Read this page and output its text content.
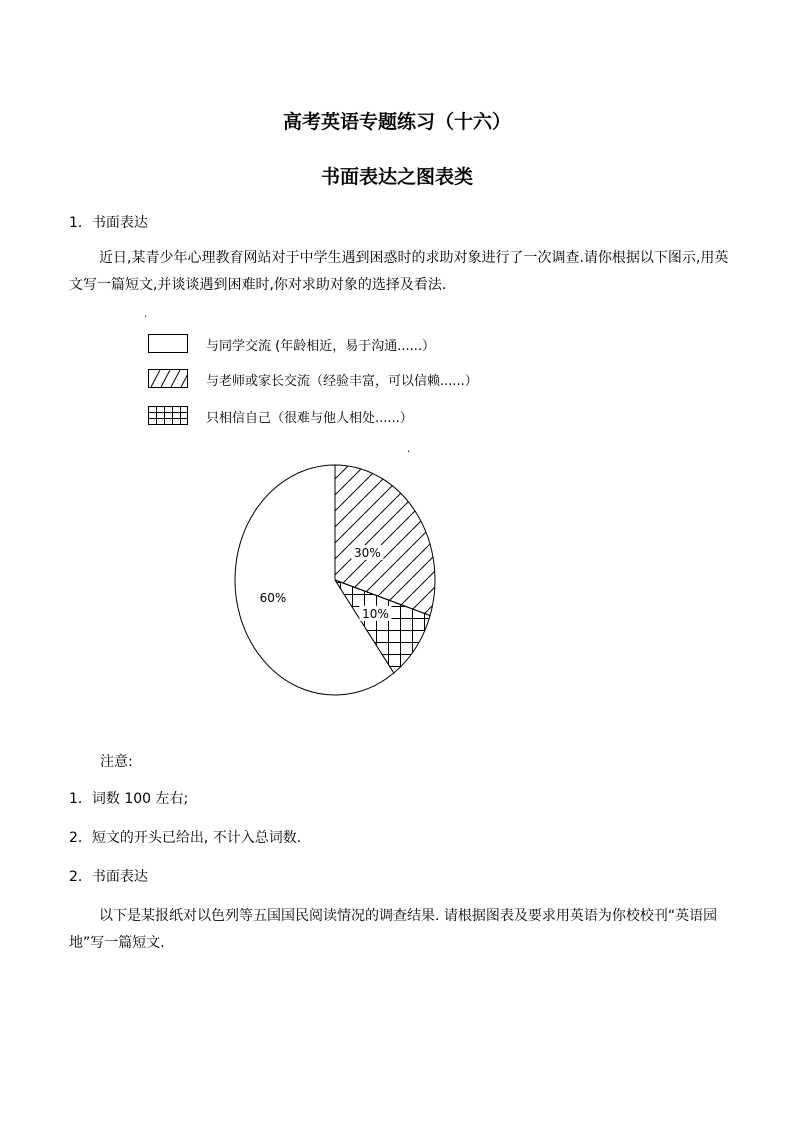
高考英语专题练习（十六）
书面表达之图表类
1．书面表达
近日,某青少年心理教育网站对于中学生遇到困惑时的求助对象进行了一次调查.请你根据以下图示,用英文写一篇短文,并谈谈遇到困难时,你对求助对象的选择及看法.
.
与同学交流 (年龄相近，易于沟通......）
与老师或家长交流（经验丰富，可以信赖......）
只相信自己（很难与他人相处......）
.
30%
10%
60%
注意:
1．词数 100 左右;
2．短文的开头已给出, 不计入总词数.
2．书面表达
以下是某报纸对以色列等五国国民阅读情况的调查结果. 请根据图表及要求用英语为你校校刊“英语园地”写一篇短文.
